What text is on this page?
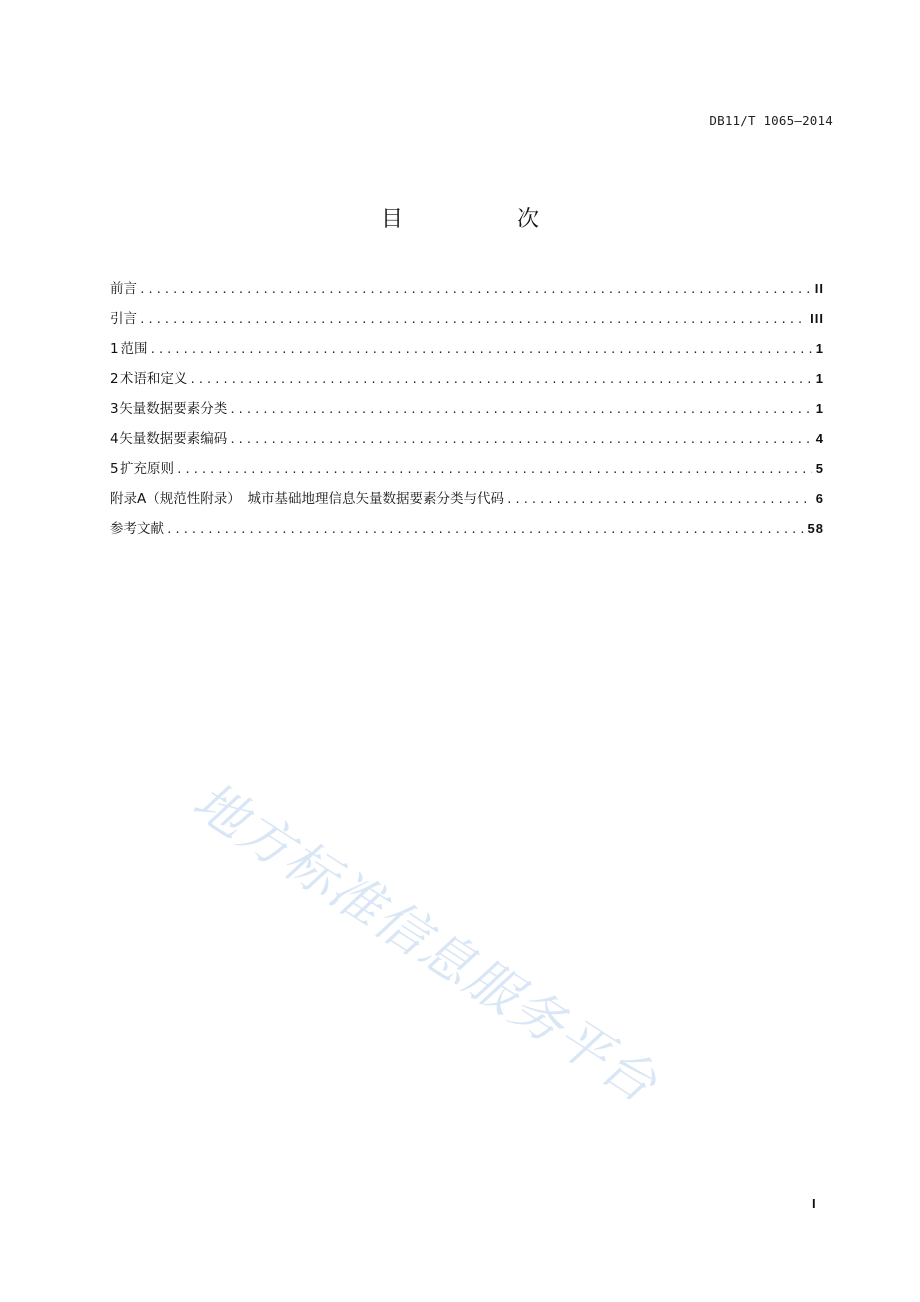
DB11/T 1065—2014
目　次
前言 .....	II
引言 .....	III
1 范围 .....	1
2 术语和定义 .....	1
3 矢量数据要素分类 .....	1
4 矢量数据要素编码 .....	4
5 扩充原则 .....	5
附录A （规范性附录）　城市基础地理信息矢量数据要素分类与代码 .....	6
参考文献 .....	58
地方标准信息服务平台
I
